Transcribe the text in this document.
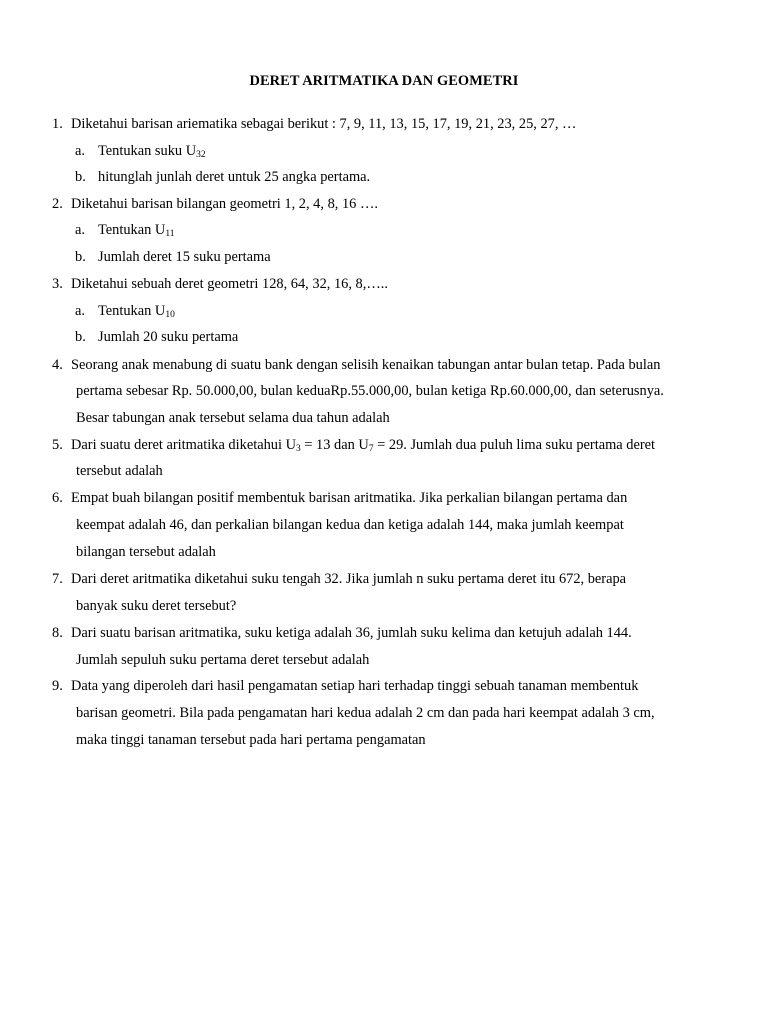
DERET ARITMATIKA DAN GEOMETRI
1. Diketahui barisan ariematika sebagai berikut : 7, 9, 11, 13, 15, 17, 19, 21, 23, 25, 27, …
a. Tentukan suku $U_{32}$
b. hitunglah junlah deret untuk 25 angka pertama.
2. Diketahui barisan bilangan geometri 1, 2, 4, 8, 16 ….
a. Tentukan $U_{11}$
b. Jumlah deret 15 suku pertama
3. Diketahui sebuah deret geometri 128, 64, 32, 16, 8,…..
a. Tentukan $U_{10}$
b. Jumlah 20 suku pertama
4. Seorang anak menabung di suatu bank dengan selisih kenaikan tabungan antar bulan tetap. Pada bulan
pertama sebesar Rp. 50.000,00, bulan keduaRp.55.000,00, bulan ketiga Rp.60.000,00, dan seterusnya.
Besar tabungan anak tersebut selama dua tahun adalah
5. Dari suatu deret aritmatika diketahui $U_3 = 13$ dan $U_7 = 29$. Jumlah dua puluh lima suku pertama deret
tersebut adalah
6. Empat buah bilangan positif membentuk barisan aritmatika. Jika perkalian bilangan pertama dan
keempat adalah 46, dan perkalian bilangan kedua dan ketiga adalah 144, maka jumlah keempat
bilangan tersebut adalah
7. Dari deret aritmatika diketahui suku tengah 32. Jika jumlah n suku pertama deret itu 672, berapa
banyak suku deret tersebut?
8. Dari suatu barisan aritmatika, suku ketiga adalah 36, jumlah suku kelima dan ketujuh adalah 144.
Jumlah sepuluh suku pertama deret tersebut adalah
9. Data yang diperoleh dari hasil pengamatan setiap hari terhadap tinggi sebuah tanaman membentuk
barisan geometri. Bila pada pengamatan hari kedua adalah 2 cm dan pada hari keempat adalah 3 cm,
maka tinggi tanaman tersebut pada hari pertama pengamatan
